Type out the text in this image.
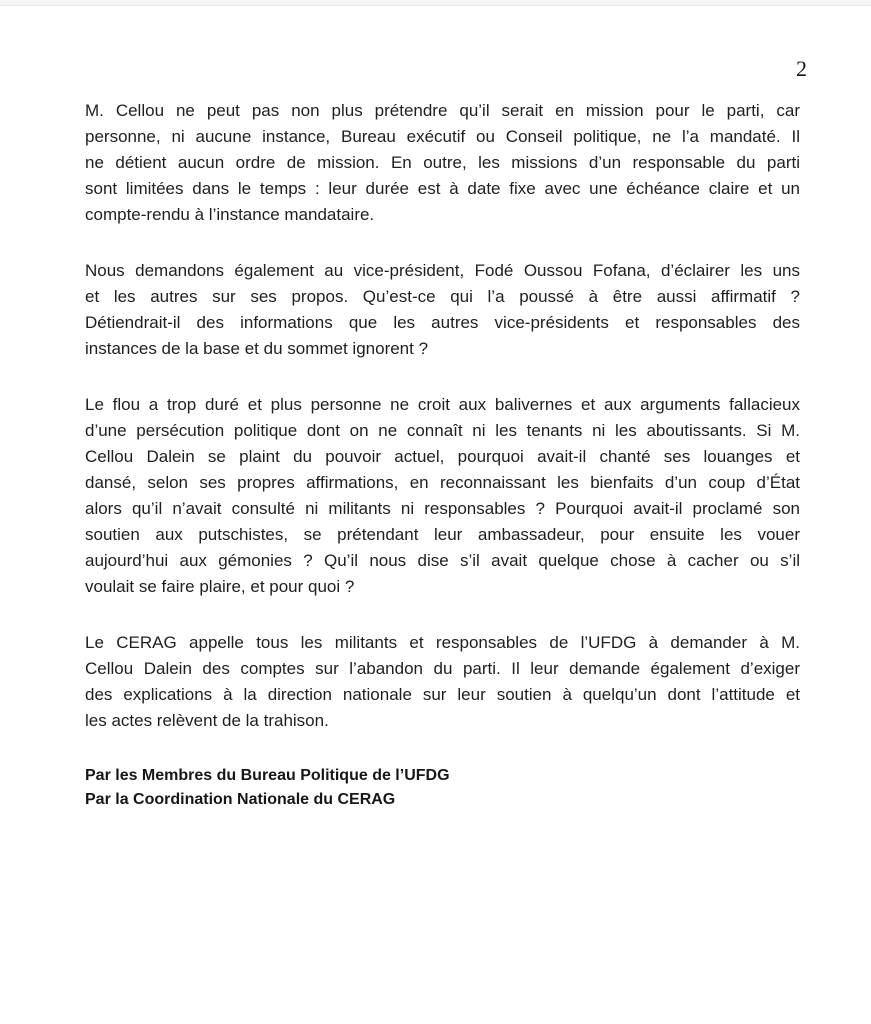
2
M. Cellou ne peut pas non plus prétendre qu’il serait en mission pour le parti, car
personne, ni aucune instance, Bureau exécutif ou Conseil politique, ne l’a mandaté. Il
ne détient aucun ordre de mission. En outre, les missions d’un responsable du parti
sont limitées dans le temps : leur durée est à date fixe avec une échéance claire et un
compte-rendu à l’instance mandataire.
Nous demandons également au vice-président, Fodé Oussou Fofana, d’éclairer les uns
et les autres sur ses propos. Qu’est-ce qui l’a poussé à être aussi affirmatif ?
Détiendrait-il des informations que les autres vice-présidents et responsables des
instances de la base et du sommet ignorent ?
Le flou a trop duré et plus personne ne croit aux balivernes et aux arguments fallacieux
d’une persécution politique dont on ne connaît ni les tenants ni les aboutissants. Si M.
Cellou Dalein se plaint du pouvoir actuel, pourquoi avait-il chanté ses louanges et
dansé, selon ses propres affirmations, en reconnaissant les bienfaits d’un coup d’État
alors qu’il n’avait consulté ni militants ni responsables ? Pourquoi avait-il proclamé son
soutien aux putschistes, se prétendant leur ambassadeur, pour ensuite les vouer
aujourd’hui aux gémonies ? Qu’il nous dise s’il avait quelque chose à cacher ou s’il
voulait se faire plaire, et pour quoi ?
Le CERAG appelle tous les militants et responsables de l’UFDG à demander à M.
Cellou Dalein des comptes sur l’abandon du parti. Il leur demande également d’exiger
des explications à la direction nationale sur leur soutien à quelqu’un dont l’attitude et
les actes relèvent de la trahison.
Par les Membres du Bureau Politique de l’UFDG
Par la Coordination Nationale du CERAG
